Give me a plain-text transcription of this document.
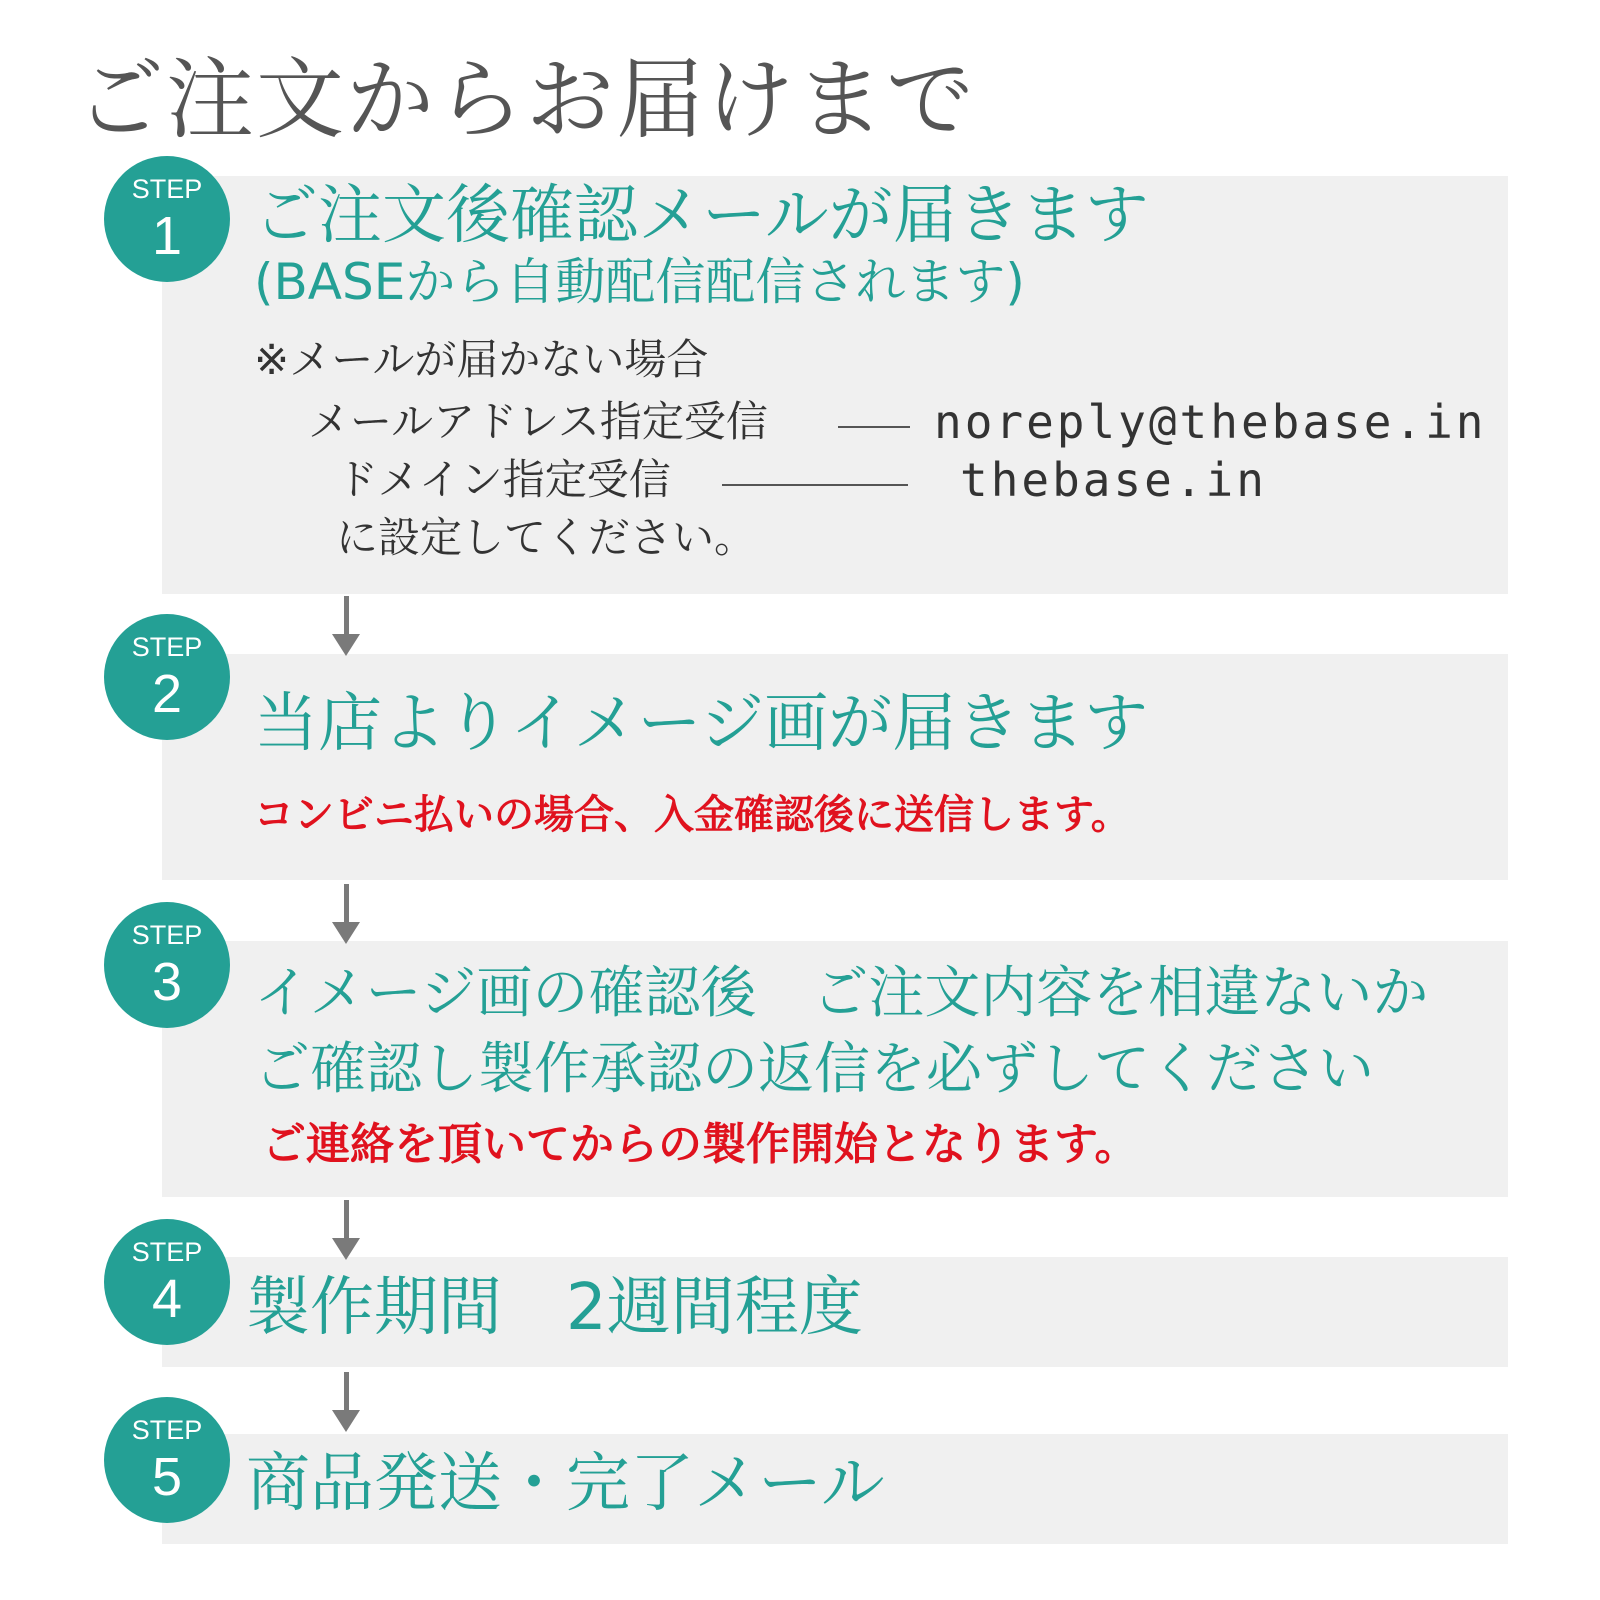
ご注文からお届けまで
STEP
1
STEP
2
STEP
3
STEP
4
STEP
5
ご注文後確認メールが届きます
(BASEから自動配信配信されます)
※メールが届かない場合
メールアドレス指定受信	noreply@thebase.in
ドメイン指定受信	thebase.in
に設定してください。
当店よりイメージ画が届きます
コンビニ払いの場合、入金確認後に送信します。
イメージ画の確認後　ご注文内容を相違ないか
ご確認し製作承認の返信を必ずしてください
ご連絡を頂いてからの製作開始となります。
製作期間　2週間程度
商品発送・完了メール
